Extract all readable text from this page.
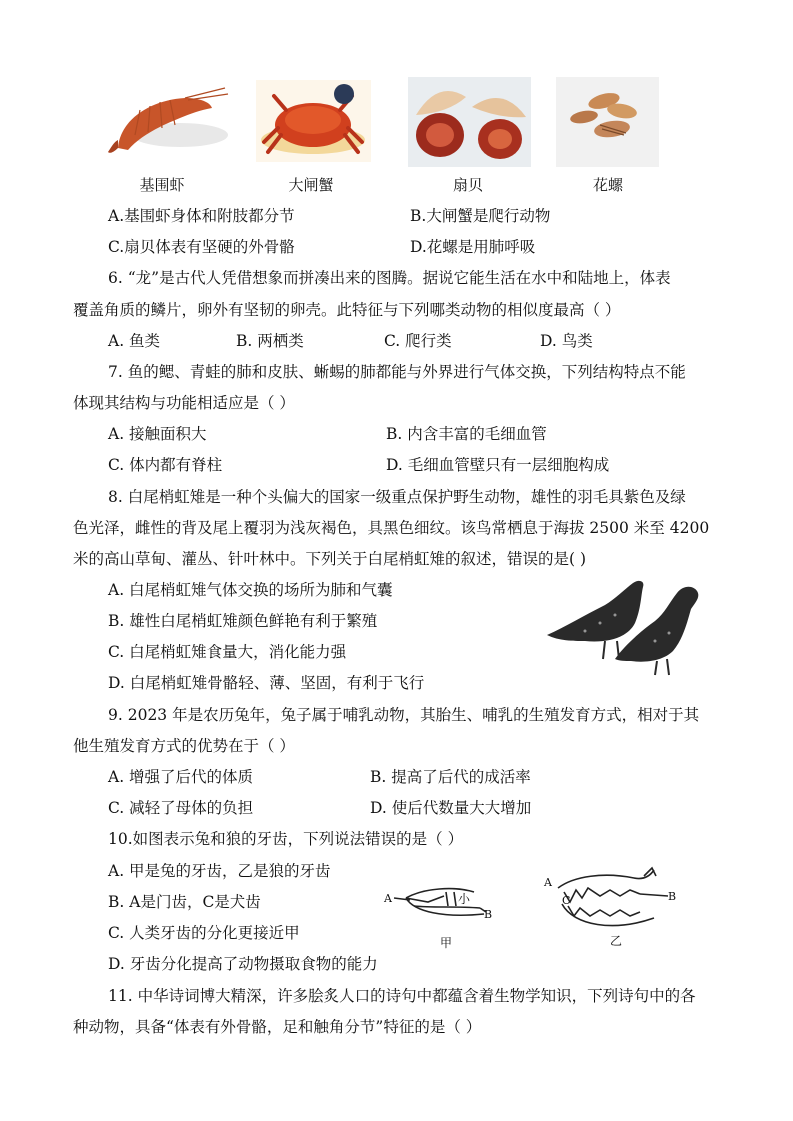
基围虾	大闸蟹	扇贝	花螺
A.基围虾身体和附肢都分节	B.大闸蟹是爬行动物
C.扇贝体表有坚硬的外骨骼	D.花螺是用肺呼吸
6. “龙”是古代人凭借想象而拼凑出来的图腾。据说它能生活在水中和陆地上，体表
覆盖角质的鳞片，卵外有坚韧的卵壳。此特征与下列哪类动物的相似度最高（ ）
A. 鱼类	B. 两栖类	C. 爬行类	D. 鸟类
7. 鱼的鳃、青蛙的肺和皮肤、蜥蜴的肺都能与外界进行气体交换，下列结构特点不能
体现其结构与功能相适应是（ ）
A. 接触面积大	B. 内含丰富的毛细血管
C. 体内都有脊柱	D. 毛细血管壁只有一层细胞构成
8. 白尾梢虹雉是一种个头偏大的国家一级重点保护野生动物，雄性的羽毛具紫色及绿
色光泽，雌性的背及尾上覆羽为浅灰褐色，具黑色细纹。该鸟常栖息于海拔 2500 米至 4200
米的高山草甸、灌丛、针叶林中。下列关于白尾梢虹雉的叙述，错误的是( )
A. 白尾梢虹雉气体交换的场所为肺和气囊
B. 雄性白尾梢虹雉颜色鲜艳有利于繁殖
C. 白尾梢虹雉食量大，消化能力强
D. 白尾梢虹雉骨骼轻、薄、坚固，有利于飞行
9. 2023 年是农历兔年，兔子属于哺乳动物，其胎生、哺乳的生殖发育方式，相对于其
他生殖发育方式的优势在于（ ）
A. 增强了后代的体质	B. 提高了后代的成活率
C. 减轻了母体的负担	D. 使后代数量大大增加
10.如图表示兔和狼的牙齿，下列说法错误的是（ ）
A. 甲是兔的牙齿，乙是狼的牙齿
B. A是门齿，C是犬齿
C. 人类牙齿的分化更接近甲
D. 牙齿分化提高了动物摄取食物的能力
A	小
B
甲
A
C	B
乙
11. 中华诗词博大精深，许多脍炙人口的诗句中都蕴含着生物学知识，下列诗句中的各
种动物，具备“体表有外骨骼，足和触角分节”特征的是（ ）
